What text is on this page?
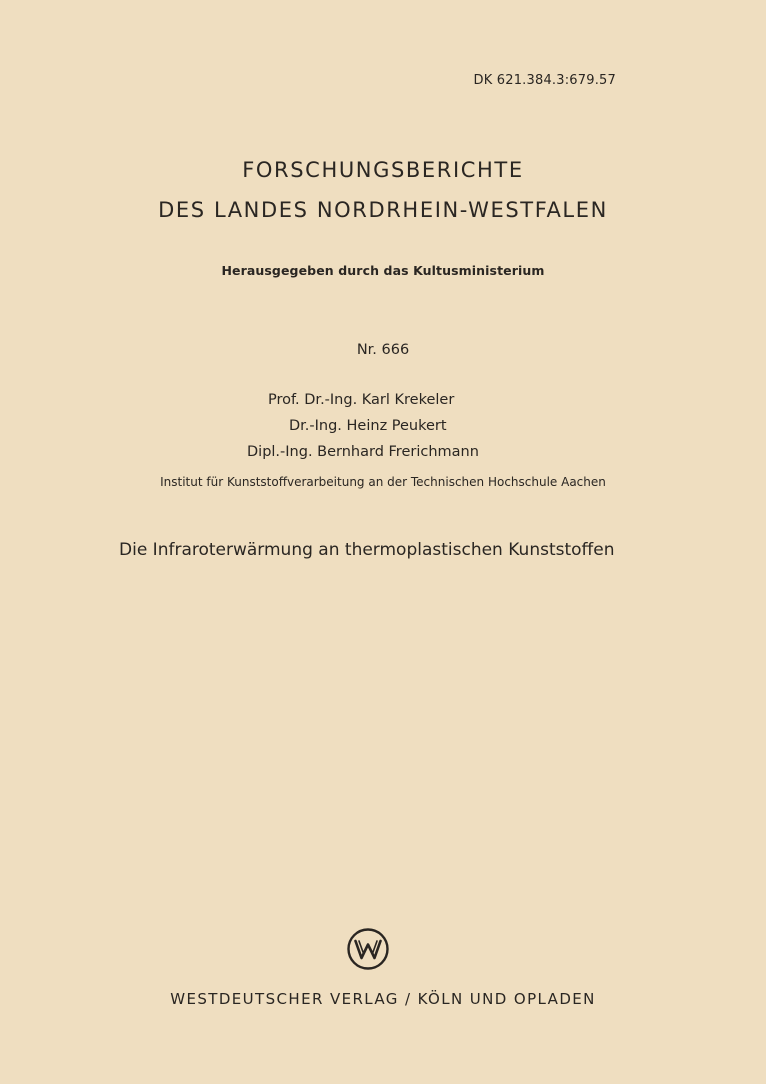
DK 621.384.3:679.57
FORSCHUNGSBERICHTE
DES LANDES NORDRHEIN-WESTFALEN
Herausgegeben durch das Kultusministerium
Nr. 666
Prof. Dr.-Ing. Karl Krekeler
Dr.-Ing. Heinz Peukert
Dipl.-Ing. Bernhard Frerichmann
Institut für Kunststoffverarbeitung an der Technischen Hochschule Aachen
Die Infraroterwärmung an thermoplastischen Kunststoffen
WESTDEUTSCHER VERLAG / KÖLN UND OPLADEN
